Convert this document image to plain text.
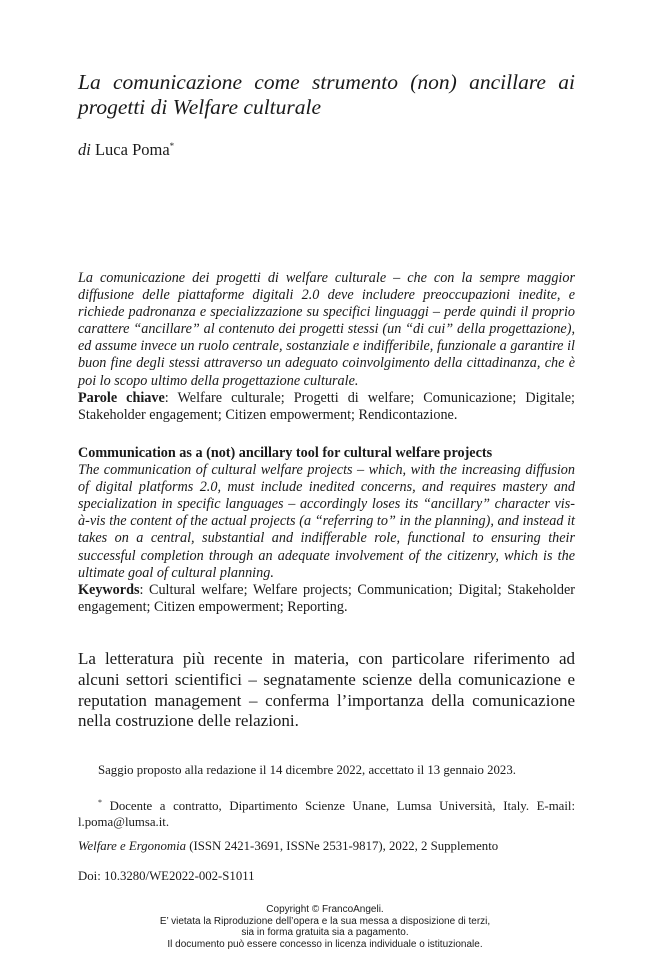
La comunicazione come strumento (non) ancillare ai progetti di Welfare culturale
di Luca Poma*
La comunicazione dei progetti di welfare culturale – che con la sempre maggior diffusione delle piattaforme digitali 2.0 deve includere preoccupazioni inedite, e richiede padronanza e specializzazione su specifici linguaggi – perde quindi il proprio carattere “ancillare” al contenuto dei progetti stessi (un “di cui” della progettazione), ed assume invece un ruolo centrale, sostanziale e indifferibile, funzionale a garantire il buon fine degli stessi attraverso un adeguato coinvolgimento della cittadinanza, che è poi lo scopo ultimo della progettazione culturale.
Parole chiave: Welfare culturale; Progetti di welfare; Comunicazione; Digitale; Stakeholder engagement; Citizen empowerment; Rendicontazione.
Communication as a (not) ancillary tool for cultural welfare projects
The communication of cultural welfare projects – which, with the increasing diffusion of digital platforms 2.0, must include inedited concerns, and requires mastery and specialization in specific languages – accordingly loses its “ancillary” character vis-à-vis the content of the actual projects (a “referring to” in the planning), and instead it takes on a central, substantial and indifferable role, functional to ensuring their successful completion through an adequate involvement of the citizenry, which is the ultimate goal of cultural planning.
Keywords: Cultural welfare; Welfare projects; Communication; Digital; Stakeholder engagement; Citizen empowerment; Reporting.
La letteratura più recente in materia, con particolare riferimento ad alcuni settori scientifici – segnatamente scienze della comunicazione e reputation management – conferma l’importanza della comunicazione nella costruzione delle relazioni.
Saggio proposto alla redazione il 14 dicembre 2022, accettato il 13 gennaio 2023.
* Docente a contratto, Dipartimento Scienze Unane, Lumsa Università, Italy. E-mail: l.poma@lumsa.it.
Welfare e Ergonomia (ISSN 2421-3691, ISSNe 2531-9817), 2022, 2 Supplemento
Doi: 10.3280/WE2022-002-S1011
Copyright © FrancoAngeli.
E’ vietata la Riproduzione dell’opera e la sua messa a disposizione di terzi,
sia in forma gratuita sia a pagamento.
Il documento può essere concesso in licenza individuale o istituzionale.
